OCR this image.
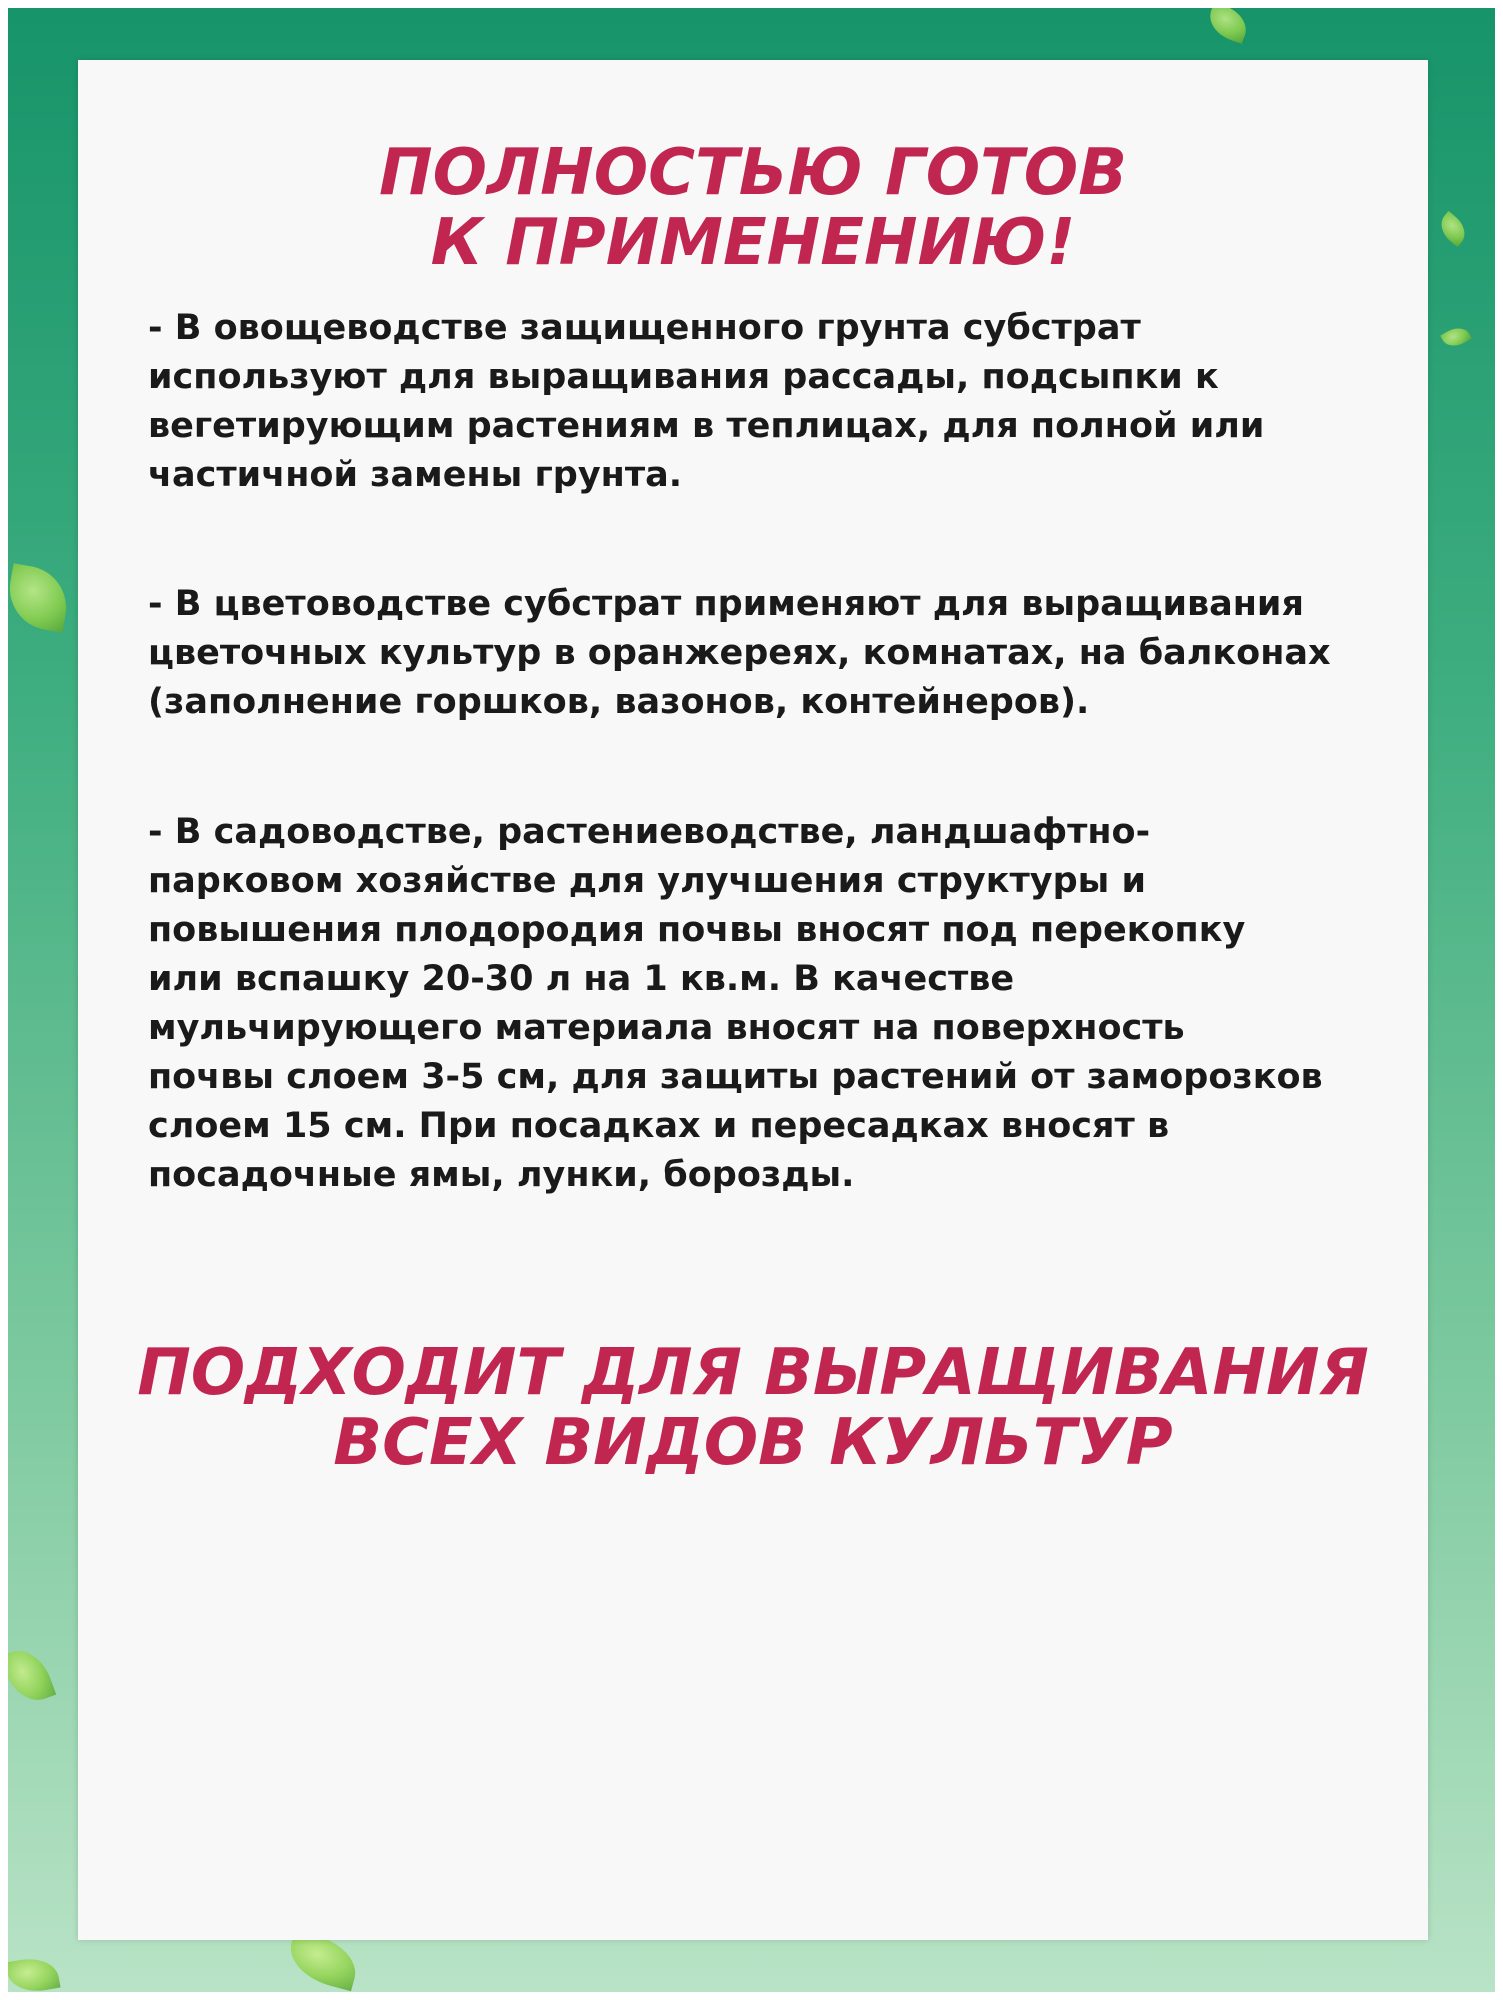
ПОЛНОСТЬЮ ГОТОВ
К ПРИМЕНЕНИЮ!

- В овощеводстве защищенного грунта субстрат
используют для выращивания рассады, подсыпки к
вегетирующим растениям в теплицах, для полной или
частичной замены грунта.

- В цветоводстве субстрат применяют для выращивания
цветочных культур в оранжереях, комнатах, на балконах
(заполнение горшков, вазонов, контейнеров).

- В садоводстве, растениеводстве, ландшафтно-
парковом хозяйстве для улучшения структуры и
повышения плодородия почвы вносят под перекопку
или вспашку 20-30 л на 1 кв.м. В качестве
мульчирующего материала вносят на поверхность
почвы слоем 3-5 см, для защиты растений от заморозков
слоем 15 см. При посадках и пересадках вносят в
посадочные ямы, лунки, борозды.

ПОДХОДИТ ДЛЯ ВЫРАЩИВАНИЯ
ВСЕХ ВИДОВ КУЛЬТУР
